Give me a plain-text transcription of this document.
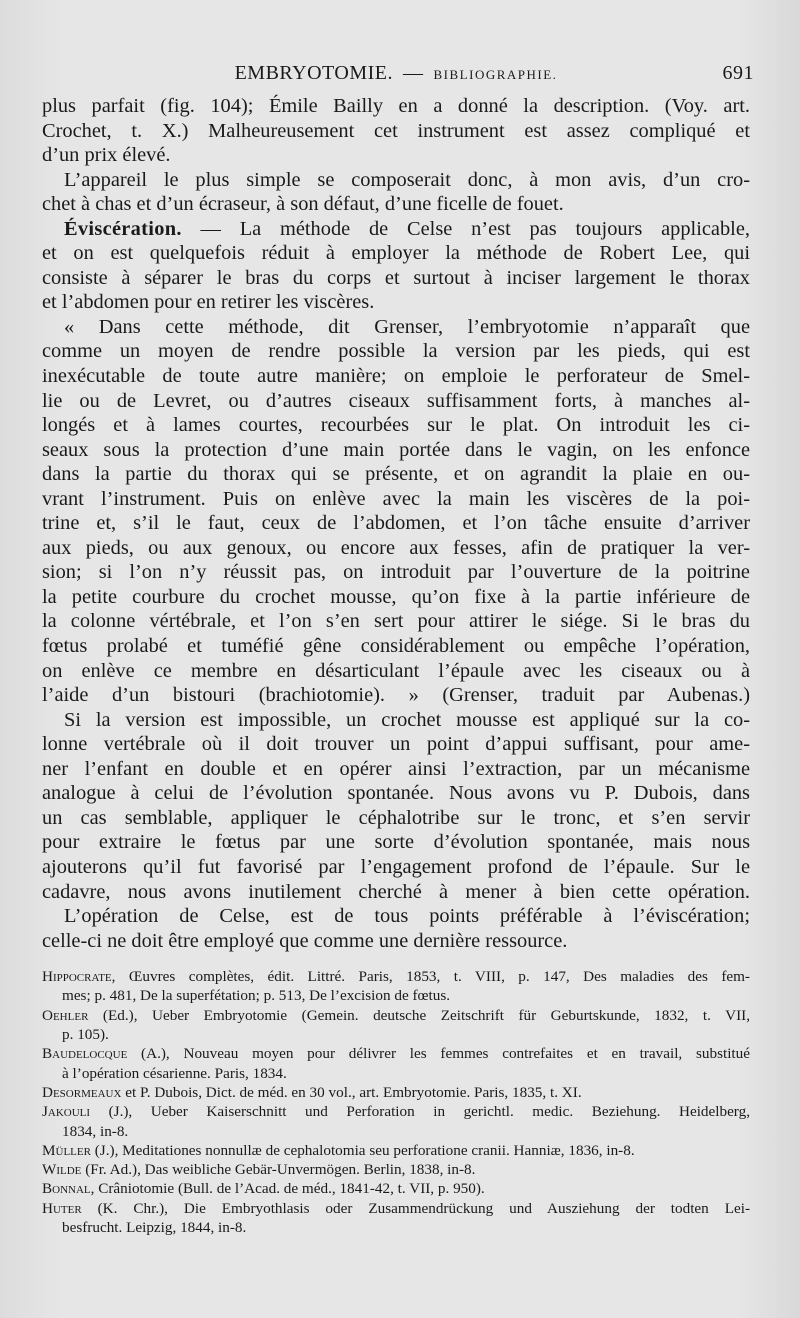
EMBRYOTOMIE. — BIBLIOGRAPHIE.	691
plus parfait (fig. 104); Émile Bailly en a donné la description. (Voy. art.
Crochet, t. X.) Malheureusement cet instrument est assez compliqué et
d’un prix élevé.
L’appareil le plus simple se composerait donc, à mon avis, d’un cro-
chet à chas et d’un écraseur, à son défaut, d’une ficelle de fouet.
Éviscération. — La méthode de Celse n’est pas toujours applicable,
et on est quelquefois réduit à employer la méthode de Robert Lee, qui
consiste à séparer le bras du corps et surtout à inciser largement le thorax
et l’abdomen pour en retirer les viscères.
« Dans cette méthode, dit Grenser, l’embryotomie n’apparaît que
comme un moyen de rendre possible la version par les pieds, qui est
inexécutable de toute autre manière; on emploie le perforateur de Smel-
lie ou de Levret, ou d’autres ciseaux suffisamment forts, à manches al-
longés et à lames courtes, recourbées sur le plat. On introduit les ci-
seaux sous la protection d’une main portée dans le vagin, on les enfonce
dans la partie du thorax qui se présente, et on agrandit la plaie en ou-
vrant l’instrument. Puis on enlève avec la main les viscères de la poi-
trine et, s’il le faut, ceux de l’abdomen, et l’on tâche ensuite d’arriver
aux pieds, ou aux genoux, ou encore aux fesses, afin de pratiquer la ver-
sion; si l’on n’y réussit pas, on introduit par l’ouverture de la poitrine
la petite courbure du crochet mousse, qu’on fixe à la partie inférieure de
la colonne vértébrale, et l’on s’en sert pour attirer le siége. Si le bras du
fœtus prolabé et tuméfié gêne considérablement ou empêche l’opération,
on enlève ce membre en désarticulant l’épaule avec les ciseaux ou à
l’aide d’un bistouri (brachiotomie). » (Grenser, traduit par Aubenas.)
Si la version est impossible, un crochet mousse est appliqué sur la co-
lonne vertébrale où il doit trouver un point d’appui suffisant, pour ame-
ner l’enfant en double et en opérer ainsi l’extraction, par un mécanisme
analogue à celui de l’évolution spontanée. Nous avons vu P. Dubois, dans
un cas semblable, appliquer le céphalotribe sur le tronc, et s’en servir
pour extraire le fœtus par une sorte d’évolution spontanée, mais nous
ajouterons qu’il fut favorisé par l’engagement profond de l’épaule. Sur le
cadavre, nous avons inutilement cherché à mener à bien cette opération.
L’opération de Celse, est de tous points préférable à l’éviscération;
celle-ci ne doit être employé que comme une dernière ressource.
Hippocrate, Œuvres complètes, édit. Littré. Paris, 1853, t. VIII, p. 147, Des maladies des fem-
mes; p. 481, De la superfétation; p. 513, De l’excision de fœtus.
Oehler (Ed.), Ueber Embryotomie (Gemein. deutsche Zeitschrift für Geburtskunde, 1832, t. VII,
p. 105).
Baudelocque (A.), Nouveau moyen pour délivrer les femmes contrefaites et en travail, substitué
à l’opération césarienne. Paris, 1834.
Desormeaux et P. Dubois, Dict. de méd. en 30 vol., art. Embryotomie. Paris, 1835, t. XI.
Jakouli (J.), Ueber Kaiserschnitt und Perforation in gerichtl. medic. Beziehung. Heidelberg,
1834, in-8.
Müller (J.), Meditationes nonnullæ de cephalotomia seu perforatione cranii. Hanniæ, 1836, in-8.
Wilde (Fr. Ad.), Das weibliche Gebär-Unvermögen. Berlin, 1838, in-8.
Bonnal, Crâniotomie (Bull. de l’Acad. de méd., 1841-42, t. VII, p. 950).
Huter (K. Chr.), Die Embryothlasis oder Zusammendrückung und Ausziehung der todten Lei-
besfrucht. Leipzig, 1844, in-8.
